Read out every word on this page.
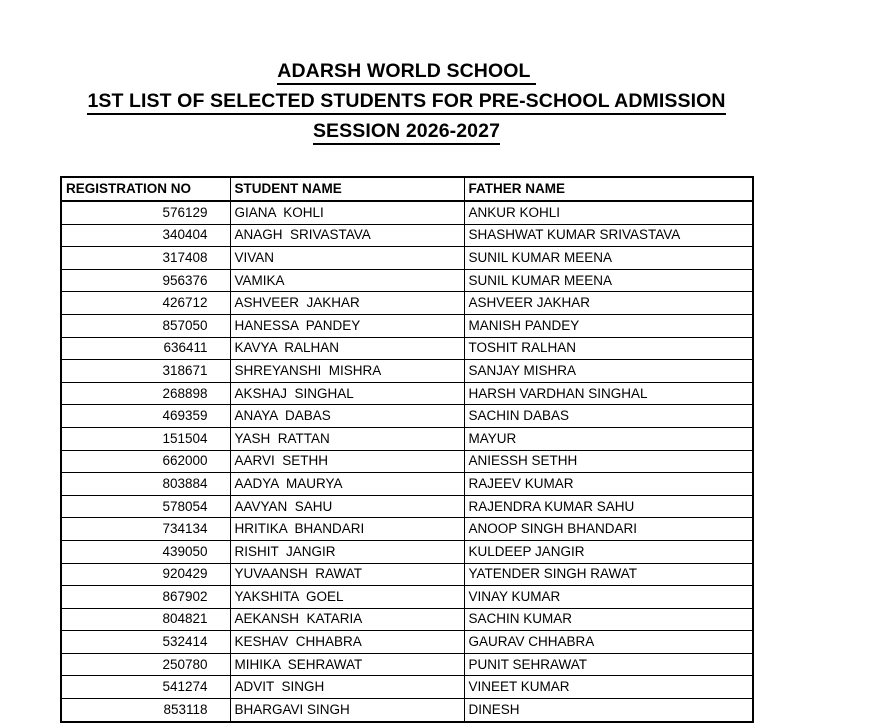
ADARSH WORLD SCHOOL
1ST LIST OF SELECTED STUDENTS FOR PRE-SCHOOL ADMISSION
SESSION 2026-2027
REGISTRATION NO	STUDENT NAME	FATHER NAME
576129	GIANA  KOHLI	ANKUR KOHLI
340404	ANAGH  SRIVASTAVA	SHASHWAT KUMAR SRIVASTAVA
317408	VIVAN	SUNIL KUMAR MEENA
956376	VAMIKA	SUNIL KUMAR MEENA
426712	ASHVEER  JAKHAR	ASHVEER JAKHAR
857050	HANESSA  PANDEY	MANISH PANDEY
636411	KAVYA  RALHAN	TOSHIT RALHAN
318671	SHREYANSHI  MISHRA	SANJAY MISHRA
268898	AKSHAJ  SINGHAL	HARSH VARDHAN SINGHAL
469359	ANAYA  DABAS	SACHIN DABAS
151504	YASH  RATTAN	MAYUR
662000	AARVI  SETHH	ANIESSH SETHH
803884	AADYA  MAURYA	RAJEEV KUMAR
578054	AAVYAN  SAHU	RAJENDRA KUMAR SAHU
734134	HRITIKA  BHANDARI	ANOOP SINGH BHANDARI
439050	RISHIT  JANGIR	KULDEEP JANGIR
920429	YUVAANSH  RAWAT	YATENDER SINGH RAWAT
867902	YAKSHITA  GOEL	VINAY KUMAR
804821	AEKANSH  KATARIA	SACHIN KUMAR
532414	KESHAV  CHHABRA	GAURAV CHHABRA
250780	MIHIKA  SEHRAWAT	PUNIT SEHRAWAT
541274	ADVIT  SINGH	VINEET KUMAR
853118	BHARGAVI SINGH	DINESH
